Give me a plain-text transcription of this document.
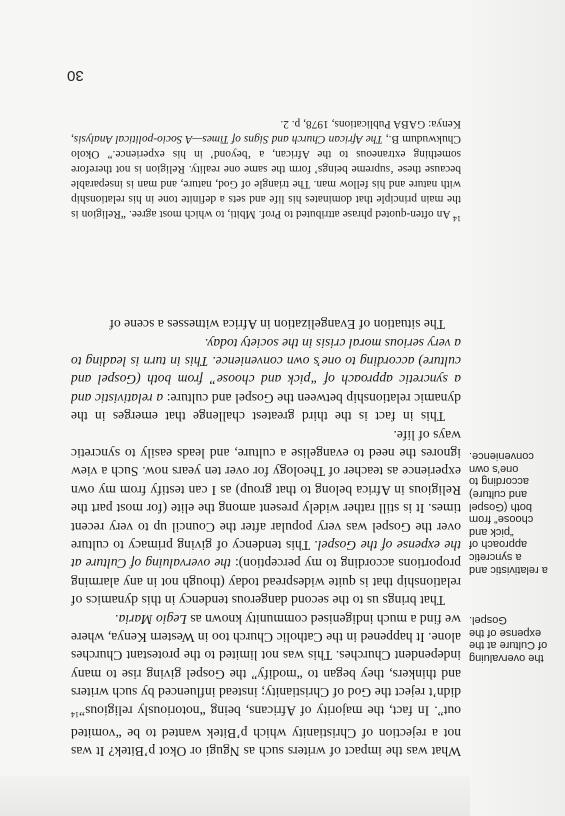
What was the impact of writers such as Ngugi or Okot p’Bitek? It was not a rejection of Christianity which p’Bitek wanted to be “vomited out”. In fact, the majority of Africans, being “notoriously religious”$^{14}$ didn’t reject the God of Christianity; instead influenced by such writers and thinkers, they began to “modify” the Gospel giving rise to many independent Churches. This was not limited to the protestant Churches alone. It happened in the Catholic Church too in Western Kenya, where we find a much indigenised community known as Legio Maria.

That brings us to the second dangerous tendency in this dynamics of relationship that is quite widespread today (though not in any alarming proportions according to my perception): the overvaluing of Culture at the expense of the Gospel. This tendency of giving primacy to culture over the Gospel was very popular after the Council up to very recent times. It is still rather widely present among the elite (for most part the Religious in Africa belong to that group) as I can testify from my own experience as teacher of Theology for over ten years now. Such a view ignores the need to evangelise a culture, and leads easily to syncretic ways of life.

This in fact is the third greatest challenge that emerges in the dynamic relationship between the Gospel and culture: a relativistic and a syncretic approach of “pick and choose” from both (Gospel and culture) according to one’s own convenience. This in turn is leading to a very serious moral crisis in the society today.

The situation of Evangelization in Africa witnesses a scene of

the overvaluing of Culture at the expense of the Gospel.
a relativistic and a syncretic approach of “pick and choose” from both (Gospel and culture) according to one’s own convenience.
$^{14}$ An often-quoted phrase attributed to Prof. Mbiti, to which most agree. “Religion is the main principle that dominates his life and sets a definite tone in his relationship with nature and his fellow man. The triangle of God, nature, and man is inseparable because these ‘supreme beings’ form the same one reality. Religion is not therefore something extraneous to the African, a ‘beyond’ in his experience.” Okolo Chukwudum B., The African Church and Signs of Times—A Socio-political Analysis, Kenya: GABA Publications, 1978, p. 2.
30
